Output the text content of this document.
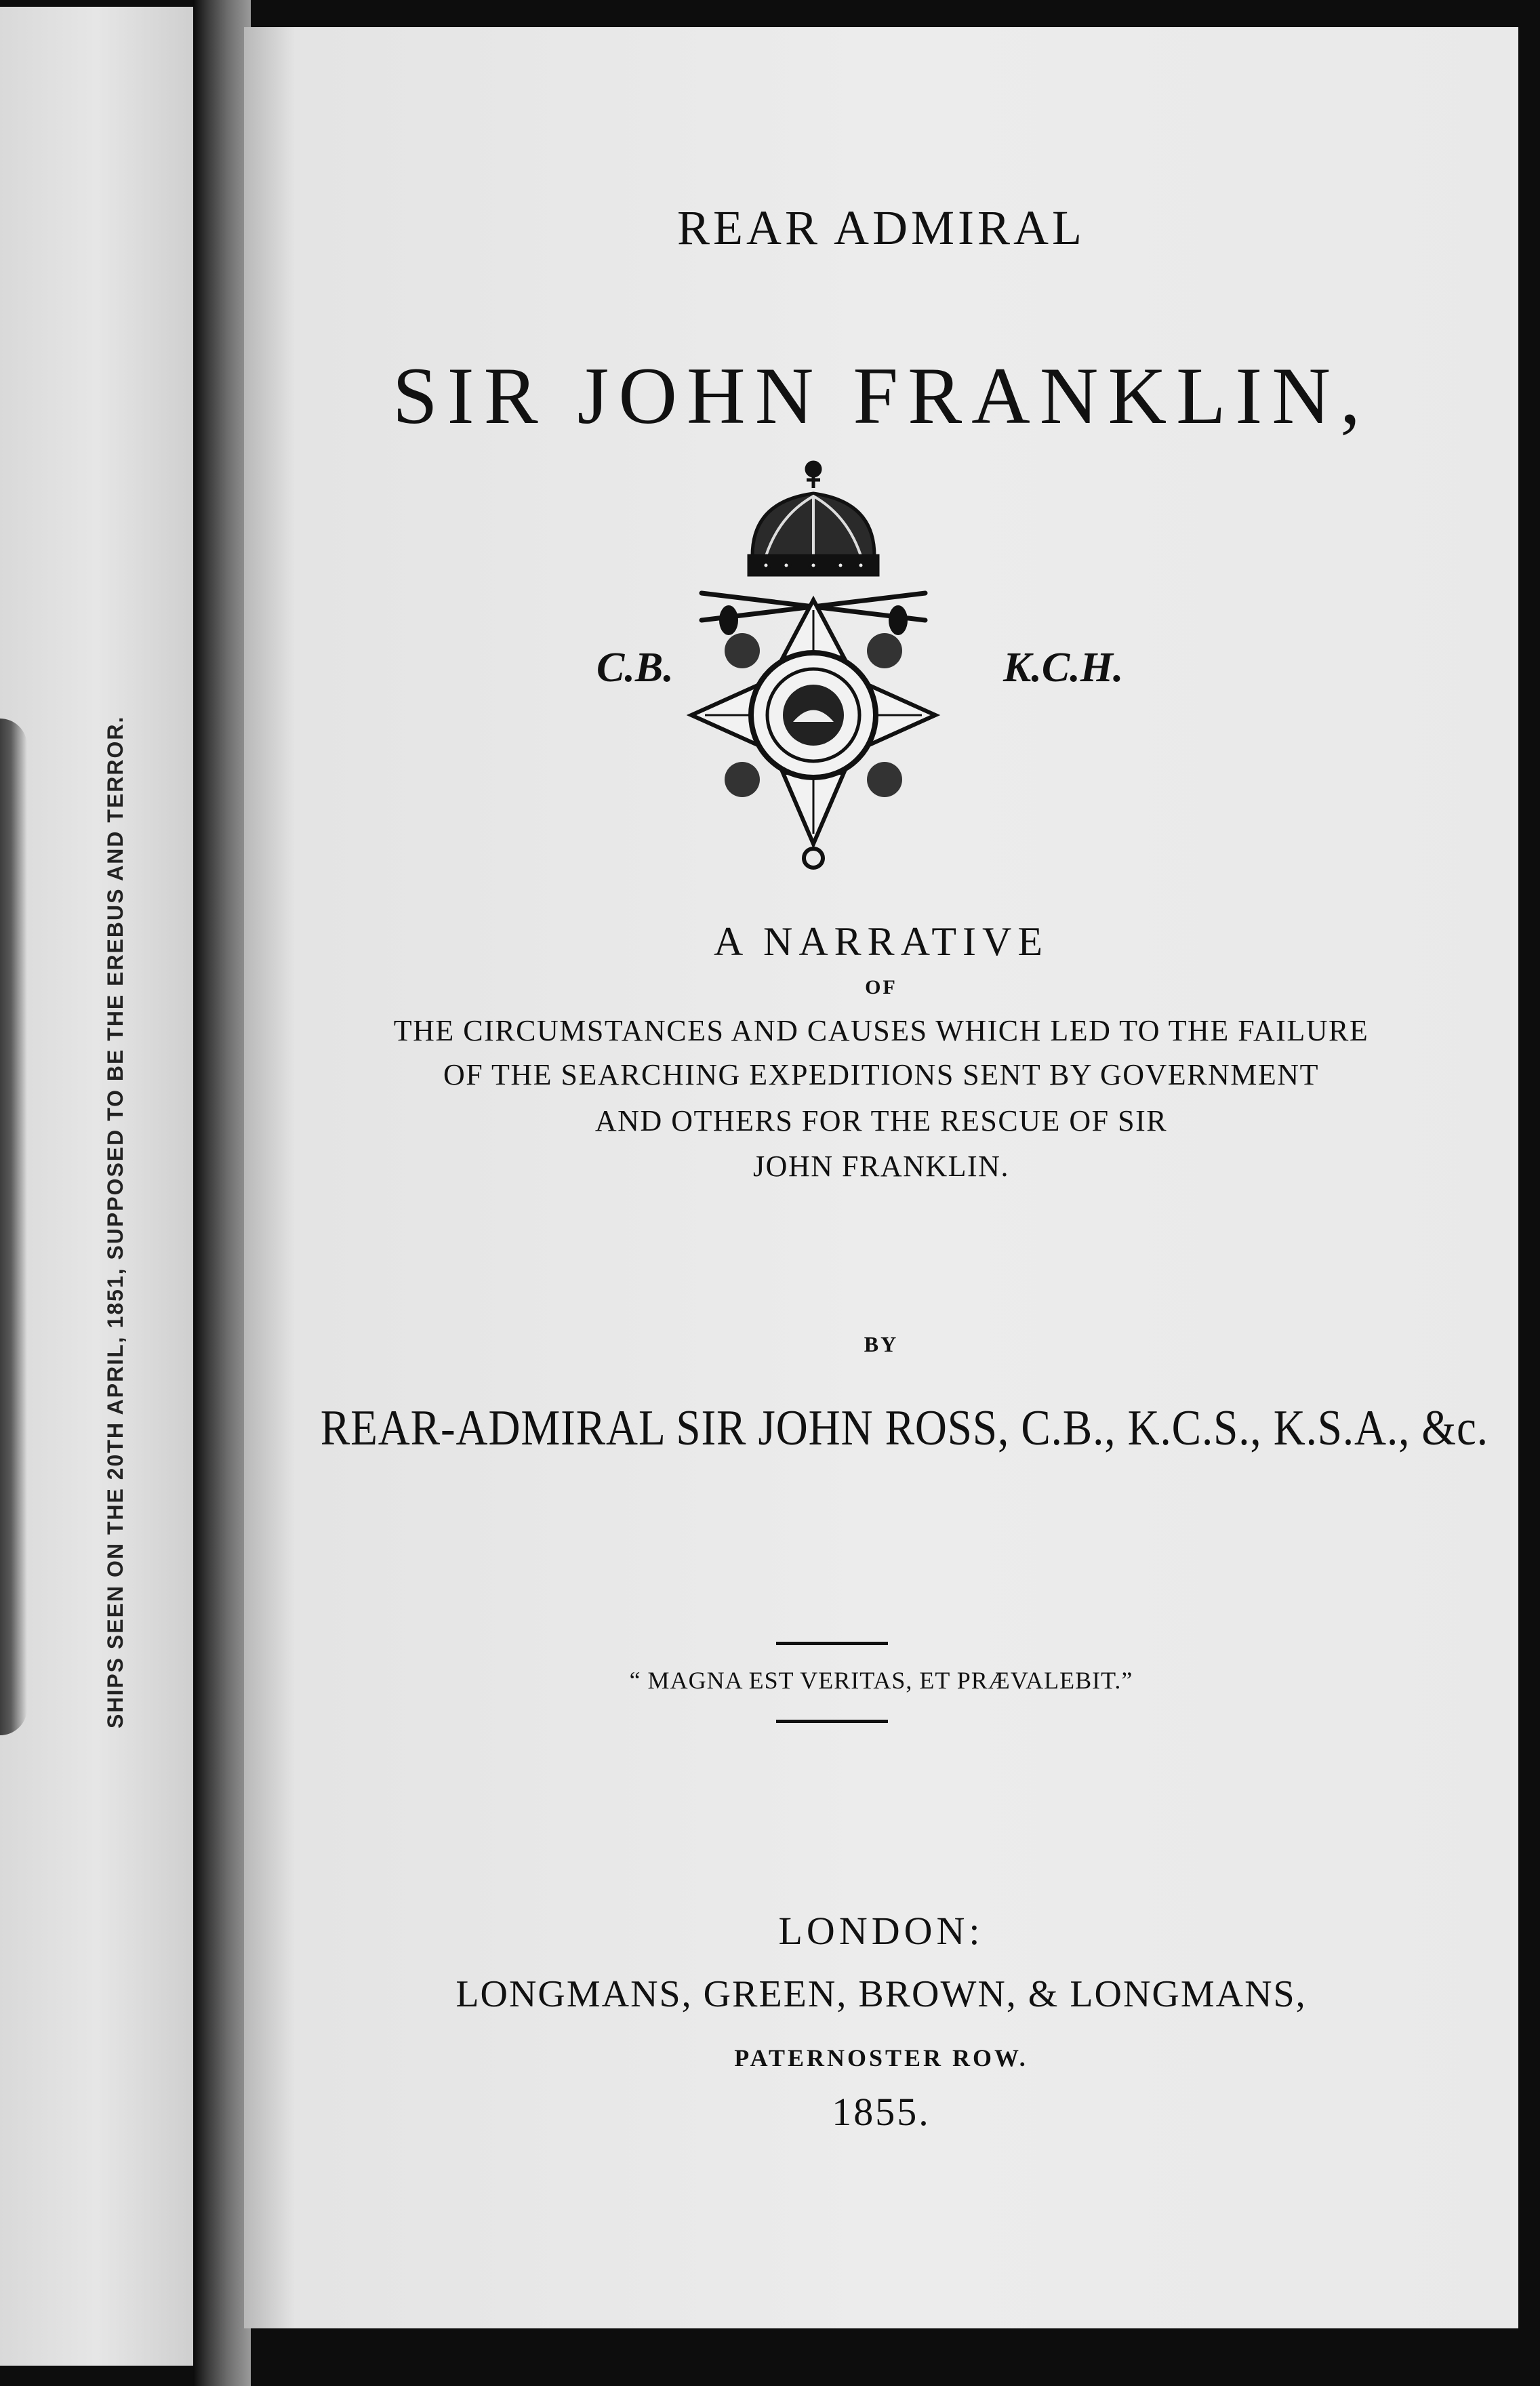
SHIPS SEEN ON THE 20TH APRIL, 1851, SUPPOSED TO BE THE EREBUS AND TERROR.
REAR ADMIRAL
SIR JOHN FRANKLIN,
C.B.	K.C.H.
A NARRATIVE
OF
THE CIRCUMSTANCES AND CAUSES WHICH LED TO THE FAILURE
OF THE SEARCHING EXPEDITIONS SENT BY GOVERNMENT
AND OTHERS FOR THE RESCUE OF SIR
JOHN FRANKLIN.
BY
REAR-ADMIRAL SIR JOHN ROSS, C.B., K.C.S., K.S.A., &c.
“ MAGNA EST VERITAS, ET PRÆVALEBIT.”
LONDON:
LONGMANS, GREEN, BROWN, & LONGMANS,
PATERNOSTER ROW.
1855.
